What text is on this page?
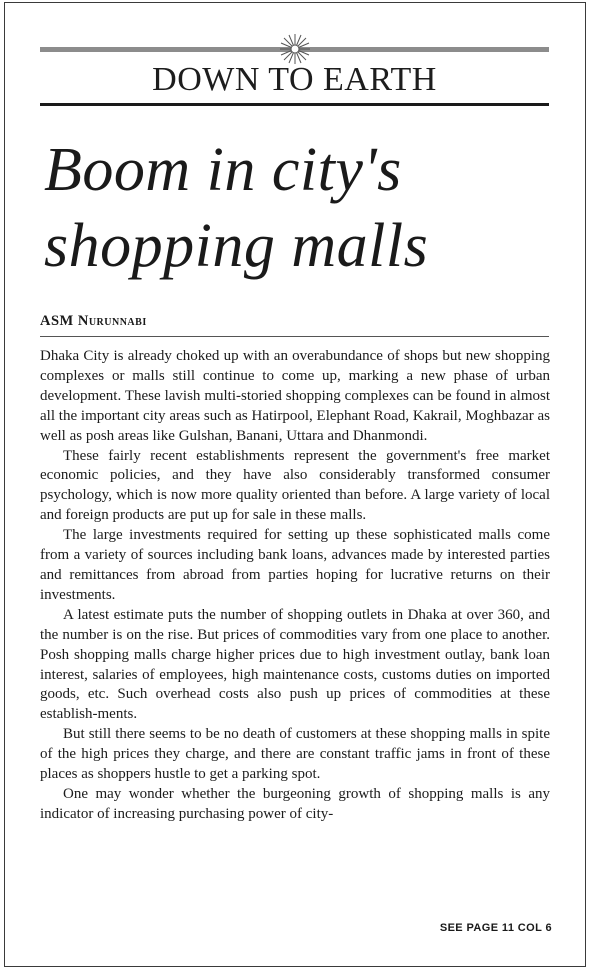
DOWN TO EARTH
Boom in city's shopping malls
ASM Nurunnabi

Dhaka City is already choked up with an overabundance of shops but new shopping complexes or malls still continue to come up, marking a new phase of urban development. These lavish multi-storied shopping complexes can be found in almost all the important city areas such as Hatirpool, Elephant Road, Kakrail, Moghbazar as well as posh areas like Gulshan, Banani, Uttara and Dhanmondi.

These fairly recent establishments represent the government's free market economic policies, and they have also considerably transformed consumer psychology, which is now more quality oriented than before. A large variety of local and foreign products are put up for sale in these malls.

The large investments required for setting up these sophisticated malls come from a variety of sources including bank loans, advances made by interested parties and remittances from abroad from parties hoping for lucrative returns on their investments.

A latest estimate puts the number of shopping outlets in Dhaka at over 360, and the number is on the rise. But prices of commodities vary from one place to another. Posh shopping malls charge higher prices due to high investment outlay, bank loan interest, salaries of employees, high maintenance costs, customs duties on imported goods, etc. Such overhead costs also push up prices of commodities at these establish-ments.

But still there seems to be no death of customers at these shopping malls in spite of the high prices they charge, and there are constant traffic jams in front of these places as shoppers hustle to get a parking spot.

One may wonder whether the burgeoning growth of shopping malls is any indicator of increasing purchasing power of city-

SEE PAGE 11 COL 6
